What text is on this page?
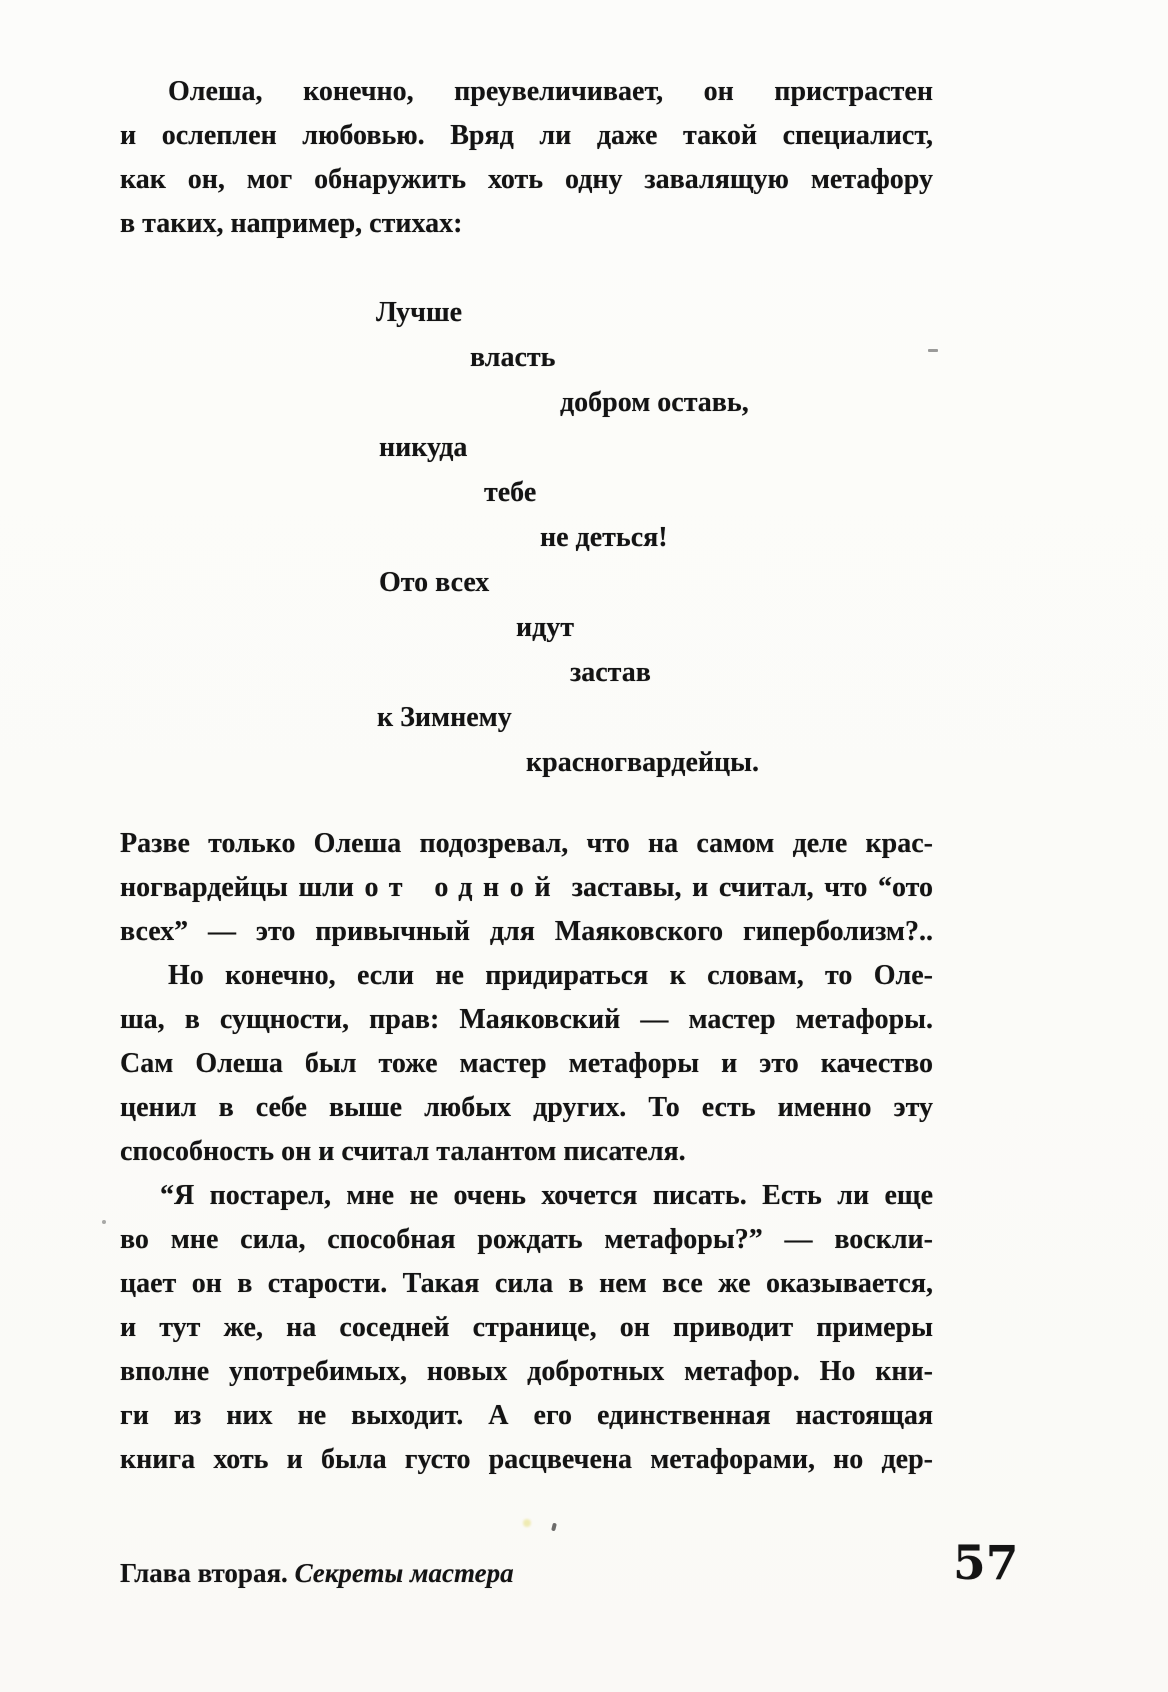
Олеша, конечно, преувеличивает, он пристрастен
и ослеплен любовью. Вряд ли даже такой специалист,
как он, мог обнаружить хоть одну завалящую метафору
в таких, например, стихах:
Лучше
власть
добром оставь,
никуда
тебе
не деться!
Ото всех
идут
застав
к Зимнему
красногвардейцы.
Разве только Олеша подозревал, что на самом деле крас-
ногвардейцы шли от одной заставы, и считал, что “ото
всех” — это привычный для Маяковского гиперболизм?..
Но конечно, если не придираться к словам, то Оле-
ша, в сущности, прав: Маяковский — мастер метафоры.
Сам Олеша был тоже мастер метафоры и это качество
ценил в себе выше любых других. То есть именно эту
способность он и считал талантом писателя.
“Я постарел, мне не очень хочется писать. Есть ли еще
во мне сила, способная рождать метафоры?” — воскли-
цает он в старости. Такая сила в нем все же оказывается,
и тут же, на соседней странице, он приводит примеры
вполне употребимых, новых добротных метафор. Но кни-
ги из них не выходит. А его единственная настоящая
книга хоть и была густо расцвечена метафорами, но дер-
Глава вторая. Секреты мастера	57
